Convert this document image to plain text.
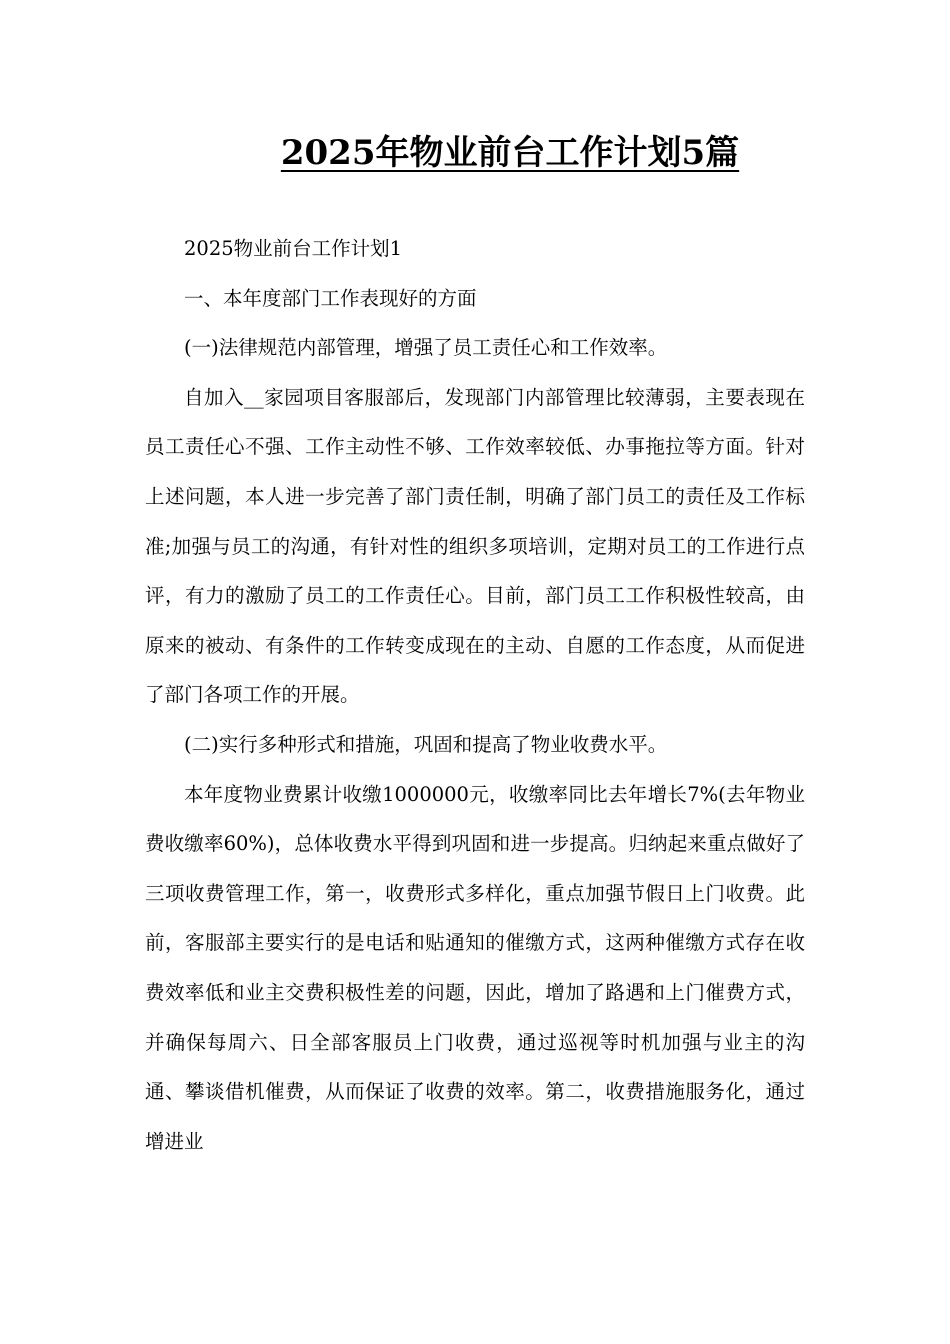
2025年物业前台工作计划5篇

2025物业前台工作计划1

一、本年度部门工作表现好的方面

(一)法律规范内部管理，增强了员工责任心和工作效率。

自加入__家园项目客服部后，发现部门内部管理比较薄弱，主要表现在员工责任心不强、工作主动性不够、工作效率较低、办事拖拉等方面。针对上述问题，本人进一步完善了部门责任制，明确了部门员工的责任及工作标准;加强与员工的沟通，有针对性的组织多项培训，定期对员工的工作进行点评，有力的激励了员工的工作责任心。目前，部门员工工作积极性较高，由原来的被动、有条件的工作转变成现在的主动、自愿的工作态度，从而促进了部门各项工作的开展。

(二)实行多种形式和措施，巩固和提高了物业收费水平。

本年度物业费累计收缴1000000元，收缴率同比去年增长7%(去年物业费收缴率60%)，总体收费水平得到巩固和进一步提高。归纳起来重点做好了三项收费管理工作，第一，收费形式多样化，重点加强节假日上门收费。此前，客服部主要实行的是电话和贴通知的催缴方式，这两种催缴方式存在收费效率低和业主交费积极性差的问题，因此，增加了路遇和上门催费方式，并确保每周六、日全部客服员上门收费，通过巡视等时机加强与业主的沟通、攀谈借机催费，从而保证了收费的效率。第二，收费措施服务化，通过增进业
